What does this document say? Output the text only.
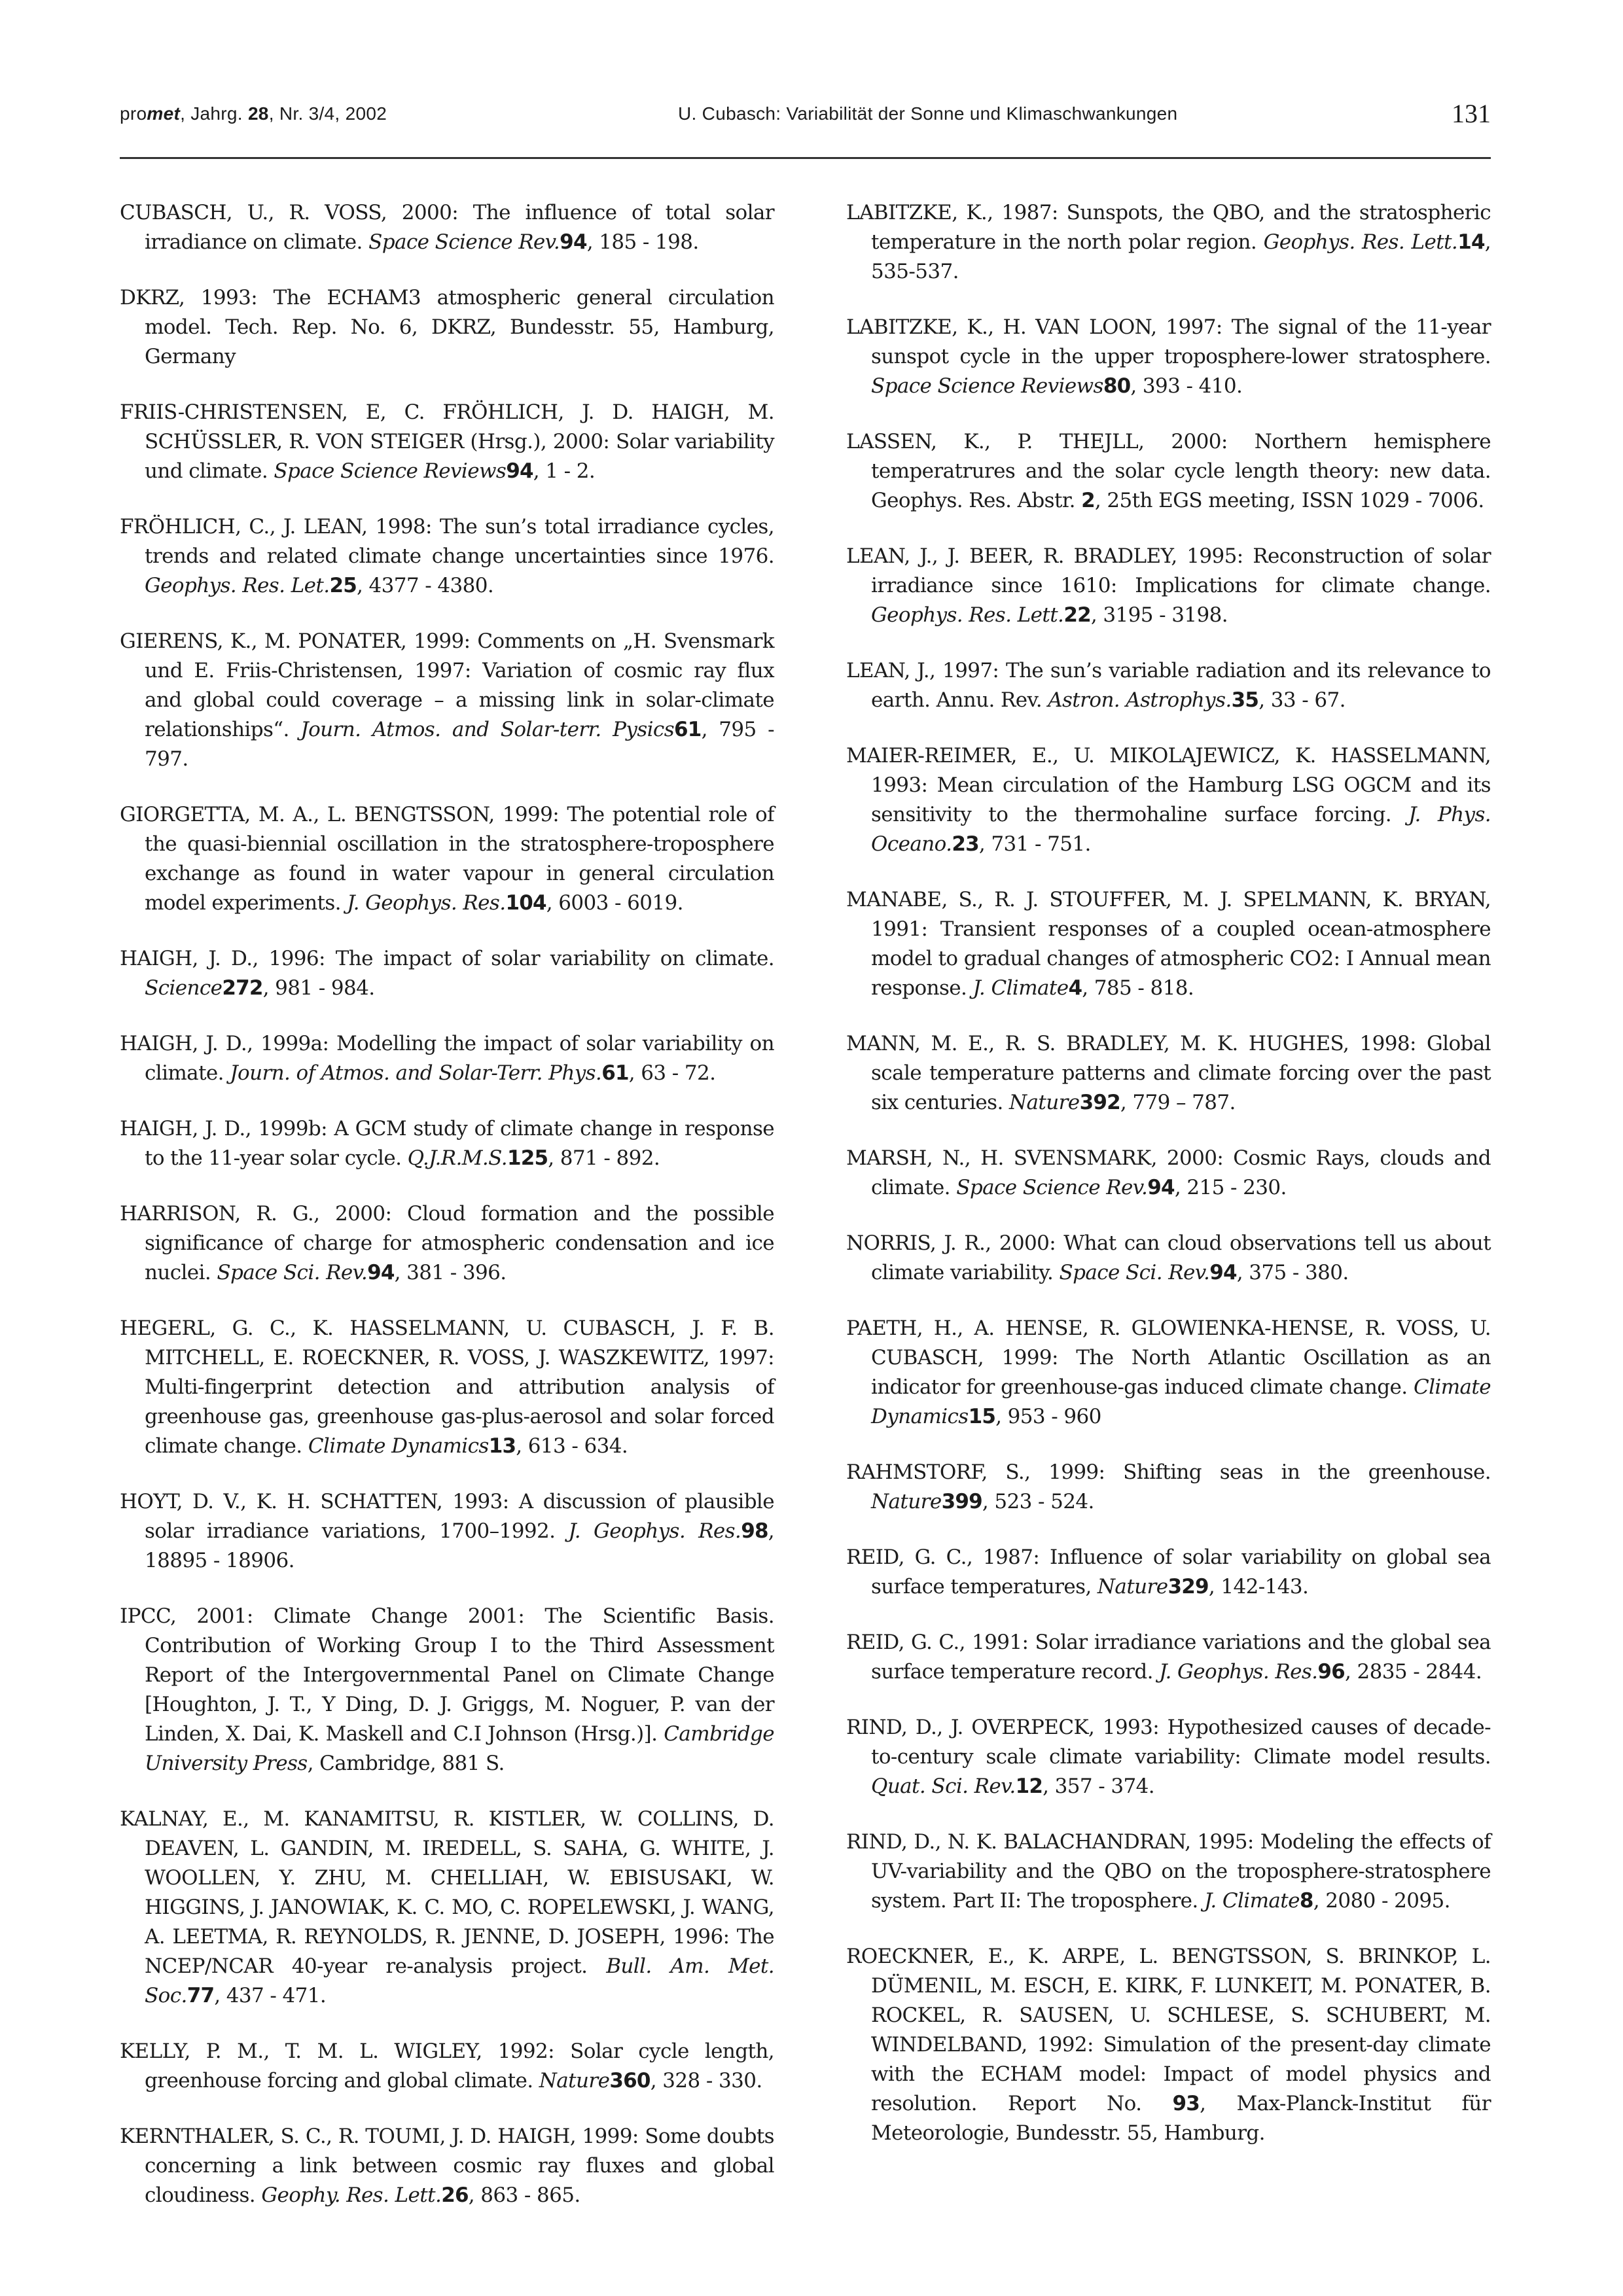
promet, Jahrg. 28, Nr. 3/4, 2002	U. Cubasch: Variabilität der Sonne und Klimaschwankungen	131

CUBASCH, U., R. VOSS, 2000: The influence of total solar irradiance on climate. Space Science Rev.94, 185 - 198.

DKRZ, 1993: The ECHAM3 atmospheric general circulation model. Tech. Rep. No. 6, DKRZ, Bundesstr. 55, Hamburg, Germany

FRIIS-CHRISTENSEN, E, C. FRÖHLICH, J. D. HAIGH, M. SCHÜSSLER, R. VON STEIGER (Hrsg.), 2000: Solar variability und climate. Space Science Reviews94, 1 - 2.

FRÖHLICH, C., J. LEAN, 1998: The sun’s total irradiance cycles, trends and related climate change uncertainties since 1976. Geophys. Res. Let.25, 4377 - 4380.

GIERENS, K., M. PONATER, 1999: Comments on „H. Svensmark und E. Friis-Christensen, 1997: Variation of cosmic ray flux and global could coverage – a missing link in solar-climate relationships“. Journ. Atmos. and Solar-terr. Pysics61, 795 - 797.

GIORGETTA, M. A., L. BENGTSSON, 1999: The potential role of the quasi-biennial oscillation in the stratosphere-troposphere exchange as found in water vapour in general circulation model experiments. J. Geophys. Res.104, 6003 - 6019.

HAIGH, J. D., 1996: The impact of solar variability on climate. Science272, 981 - 984.

HAIGH, J. D., 1999a: Modelling the impact of solar variability on climate. Journ. of Atmos. and Solar-Terr. Phys.61, 63 - 72.

HAIGH, J. D., 1999b: A GCM study of climate change in response to the 11-year solar cycle. Q.J.R.M.S.125, 871 - 892.

HARRISON, R. G., 2000: Cloud formation and the possible significance of charge for atmospheric condensation and ice nuclei. Space Sci. Rev.94, 381 - 396.

HEGERL, G. C., K. HASSELMANN, U. CUBASCH, J. F. B. MITCHELL, E. ROECKNER, R. VOSS, J. WASZKEWITZ, 1997: Multi-fingerprint detection and attribution analysis of greenhouse gas, greenhouse gas-plus-aerosol and solar forced climate change. Climate Dynamics13, 613 - 634.

HOYT, D. V., K. H. SCHATTEN, 1993: A discussion of plausible solar irradiance variations, 1700–1992. J. Geophys. Res.98, 18895 - 18906.

IPCC, 2001: Climate Change 2001: The Scientific Basis. Contribution of Working Group I to the Third Assessment Report of the Intergovernmental Panel on Climate Change [Houghton, J. T., Y Ding, D. J. Griggs, M. Noguer, P. van der Linden, X. Dai, K. Maskell and C.I Johnson (Hrsg.)]. Cambridge University Press, Cambridge, 881 S.

KALNAY, E., M. KANAMITSU, R. KISTLER, W. COLLINS, D. DEAVEN, L. GANDIN, M. IREDELL, S. SAHA, G. WHITE, J. WOOLLEN, Y. ZHU, M. CHELLIAH, W. EBISUSAKI, W. HIGGINS, J. JANOWIAK, K. C. MO, C. ROPELEWSKI, J. WANG, A. LEETMA, R. REYNOLDS, R. JENNE, D. JOSEPH, 1996: The NCEP/NCAR 40-year re-analysis project. Bull. Am. Met. Soc.77, 437 - 471.

KELLY, P. M., T. M. L. WIGLEY, 1992: Solar cycle length, greenhouse forcing and global climate. Nature360, 328 - 330.

KERNTHALER, S. C., R. TOUMI, J. D. HAIGH, 1999: Some doubts concerning a link between cosmic ray fluxes and global cloudiness. Geophy. Res. Lett.26, 863 - 865.

LABITZKE, K., 1987: Sunspots, the QBO, and the stratospheric temperature in the north polar region. Geophys. Res. Lett.14, 535-537.

LABITZKE, K., H. VAN LOON, 1997: The signal of the 11-year sunspot cycle in the upper troposphere-lower stratosphere. Space Science Reviews80, 393 - 410.

LASSEN, K., P. THEJLL, 2000: Northern hemisphere temperatrures and the solar cycle length theory: new data. Geophys. Res. Abstr. 2, 25th EGS meeting, ISSN 1029 - 7006.

LEAN, J., J. BEER, R. BRADLEY, 1995: Reconstruction of solar irradiance since 1610: Implications for climate change. Geophys. Res. Lett.22, 3195 - 3198.

LEAN, J., 1997: The sun’s variable radiation and its relevance to earth. Annu. Rev. Astron. Astrophys.35, 33 - 67.

MAIER-REIMER, E., U. MIKOLAJEWICZ, K. HASSELMANN, 1993: Mean circulation of the Hamburg LSG OGCM and its sensitivity to the thermohaline surface forcing. J. Phys. Oceano.23, 731 - 751.

MANABE, S., R. J. STOUFFER, M. J. SPELMANN, K. BRYAN, 1991: Transient responses of a coupled ocean-atmosphere model to gradual changes of atmospheric CO2: I Annual mean response. J. Climate4, 785 - 818.

MANN, M. E., R. S. BRADLEY, M. K. HUGHES, 1998: Global scale temperature patterns and climate forcing over the past six centuries. Nature392, 779 – 787.

MARSH, N., H. SVENSMARK, 2000: Cosmic Rays, clouds and climate. Space Science Rev.94, 215 - 230.

NORRIS, J. R., 2000: What can cloud observations tell us about climate variability. Space Sci. Rev.94, 375 - 380.

PAETH, H., A. HENSE, R. GLOWIENKA-HENSE, R. VOSS, U. CUBASCH, 1999: The North Atlantic Oscillation as an indicator for greenhouse-gas induced climate change. Climate Dynamics15, 953 - 960

RAHMSTORF, S., 1999: Shifting seas in the greenhouse. Nature399, 523 - 524.

REID, G. C., 1987: Influence of solar variability on global sea surface temperatures, Nature329, 142-143.

REID, G. C., 1991: Solar irradiance variations and the global sea surface temperature record. J. Geophys. Res.96, 2835 - 2844.

RIND, D., J. OVERPECK, 1993: Hypothesized causes of decade-to-century scale climate variability: Climate model results. Quat. Sci. Rev.12, 357 - 374.

RIND, D., N. K. BALACHANDRAN, 1995: Modeling the effects of UV-variability and the QBO on the troposphere-stratosphere system. Part II: The troposphere. J. Climate8, 2080 - 2095.

ROECKNER, E., K. ARPE, L. BENGTSSON, S. BRINKOP, L. DÜMENIL, M. ESCH, E. KIRK, F. LUNKEIT, M. PONATER, B. ROCKEL, R. SAUSEN, U. SCHLESE, S. SCHUBERT, M. WINDELBAND, 1992: Simulation of the present-day climate with the ECHAM model: Impact of model physics and resolution. Report No. 93, Max-Planck-Institut für Meteorologie, Bundesstr. 55, Hamburg.
